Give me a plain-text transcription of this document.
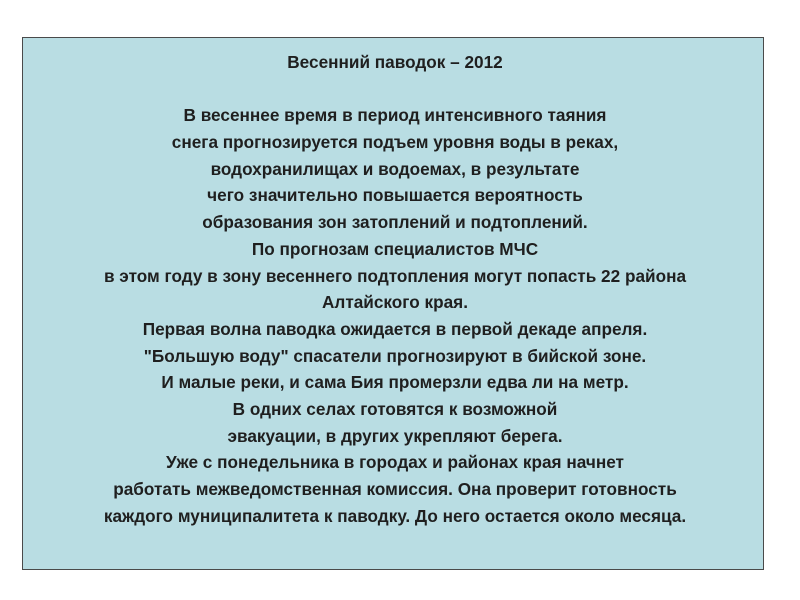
Весенний паводок – 2012
В весеннее время в период интенсивного таяния
снега прогнозируется подъем уровня воды в реках,
водохранилищах и водоемах, в результате
чего значительно повышается вероятность
образования зон затоплений и подтоплений.
По прогнозам специалистов МЧС
в этом году в зону весеннего подтопления могут попасть 22 района
Алтайского края.
Первая волна паводка ожидается в первой декаде апреля.
"Большую воду" спасатели прогнозируют в бийской зоне.
И малые реки, и сама Бия промерзли едва ли на метр.
В одних селах готовятся к возможной
эвакуации, в других укрепляют берега.
Уже с понедельника в городах и районах края начнет
работать межведомственная комиссия. Она проверит готовность
каждого муниципалитета к паводку. До него остается около месяца.
